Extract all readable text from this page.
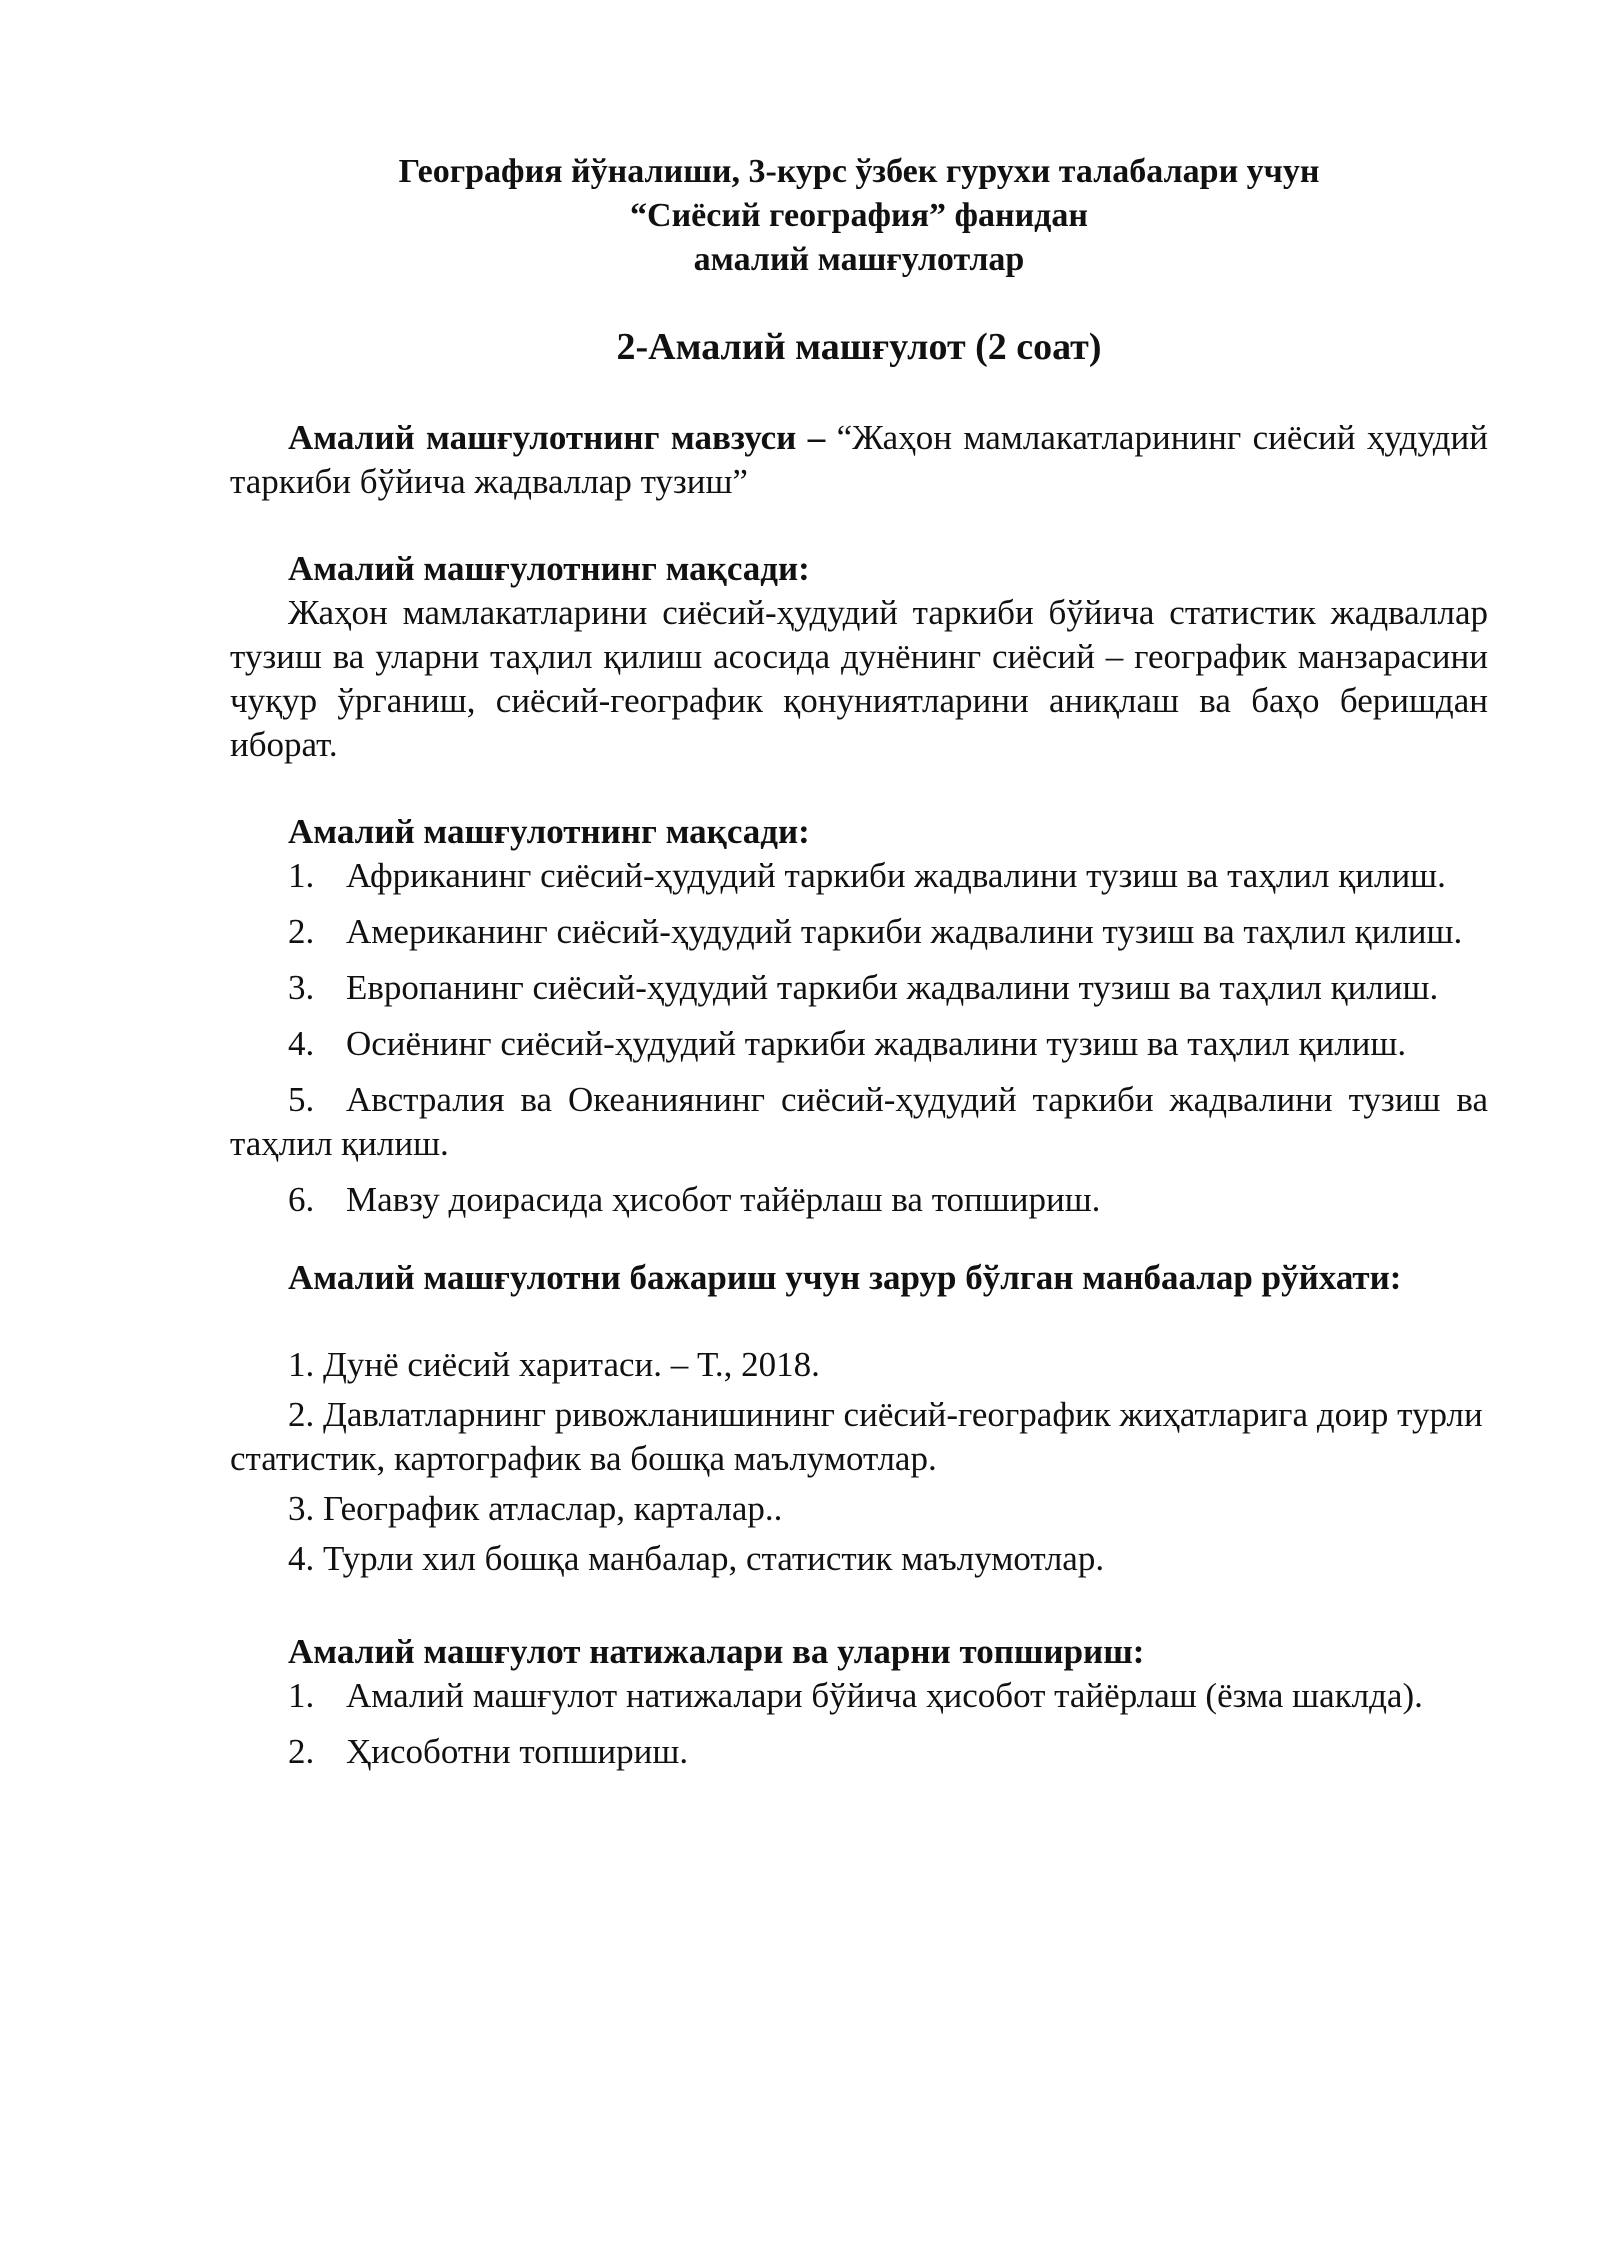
География йўналиши, 3-курс ўзбек гурухи талабалари учун
“Сиёсий география” фанидан
амалий машғулотлар
2-Амалий машғулот (2 соат)

Амалий машғулотнинг мавзуси – “Жаҳон мамлакатларининг сиёсий ҳудудий таркиби бўйича жадваллар тузиш”

Амалий машғулотнинг мақсади:

Жаҳон мамлакатларини сиёсий-ҳудудий таркиби бўйича статистик жадваллар тузиш ва уларни таҳлил қилиш асосида дунёнинг сиёсий – географик манзарасини чуқур ўрганиш, сиёсий-географик қонуниятларини аниқлаш ва баҳо беришдан иборат.

Амалий машғулотнинг мақсади:
1. Африканинг сиёсий-ҳудудий таркиби жадвалини тузиш ва таҳлил қилиш.
2. Американинг сиёсий-ҳудудий таркиби жадвалини тузиш ва таҳлил қилиш.
3. Европанинг сиёсий-ҳудудий таркиби жадвалини тузиш ва таҳлил қилиш.
4. Осиёнинг сиёсий-ҳудудий таркиби жадвалини тузиш ва таҳлил қилиш.
5. Австралия ва Океаниянинг сиёсий-ҳудудий таркиби жадвалини тузиш ва таҳлил қилиш.
6. Мавзу доирасида ҳисобот тайёрлаш ва топшириш.

Амалий машғулотни бажариш учун зарур бўлган манбаалар рўйхати:

1. Дунё сиёсий харитаси. – Т., 2018.
2. Давлатларнинг ривожланишининг сиёсий-географик жиҳатларига доир турли статистик, картографик ва бошқа маълумотлар.
3. Географик атласлар, карталар..
4. Турли хил бошқа манбалар, статистик маълумотлар.
Амалий машғулот натижалари ва уларни топшириш:
1. Амалий машғулот натижалари бўйича ҳисобот тайёрлаш (ёзма шаклда).
2. Ҳисоботни топшириш.
